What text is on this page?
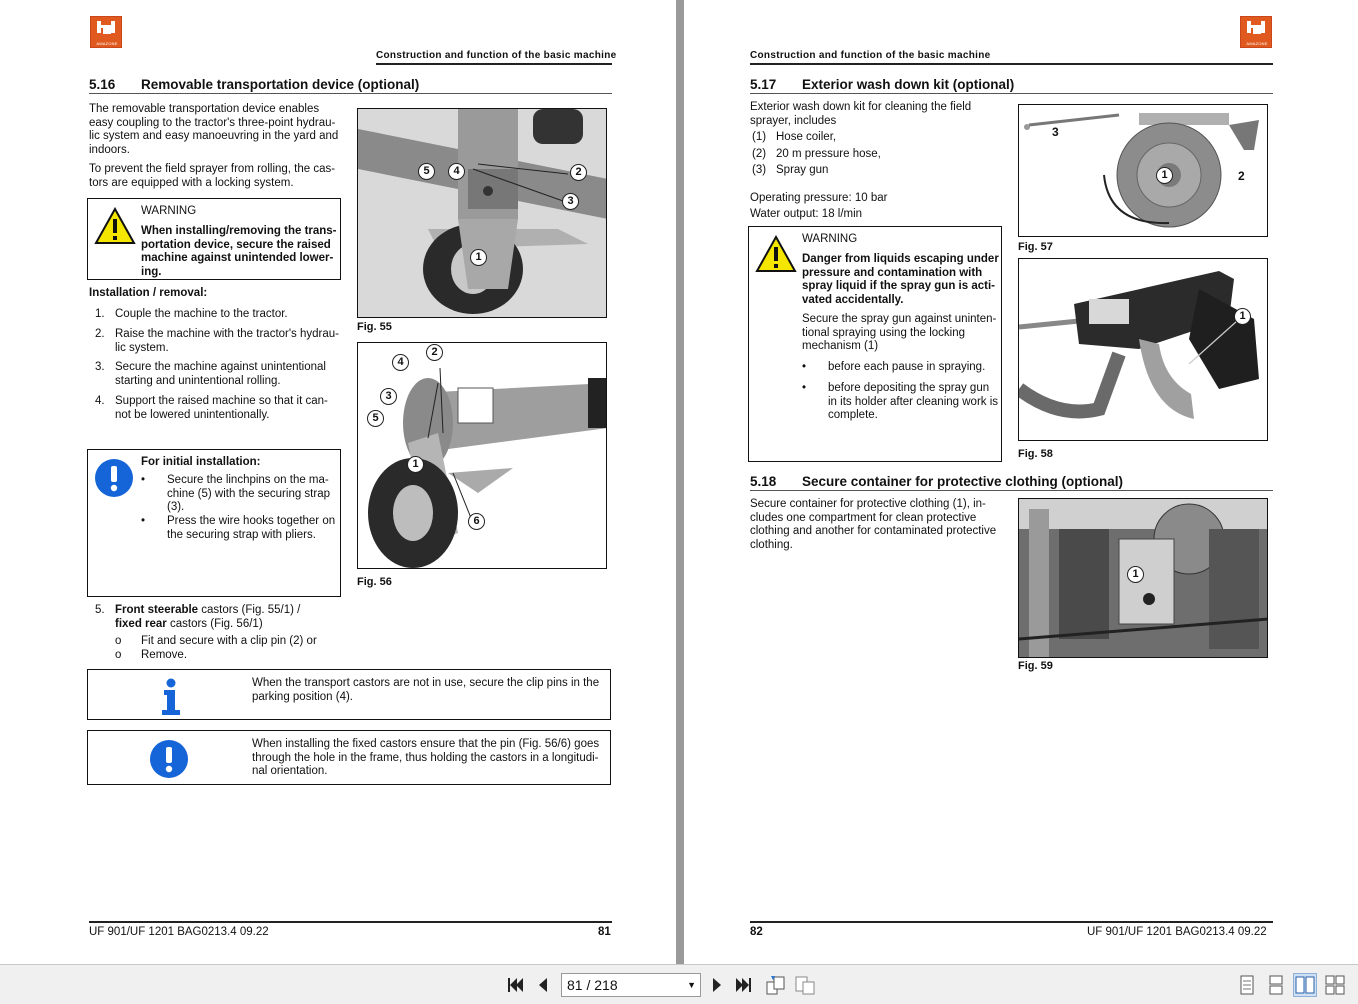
AMAZONE
Construction and function of the basic machine
5.16 Removable transportation device (optional)
The removable transportation device enables
easy coupling to the tractor's three-point hydrau-
lic system and easy manoeuvring in the yard and
indoors.
To prevent the field sprayer from rolling, the cas-
tors are equipped with a locking system.
WARNING
When installing/removing the trans-
portation device, secure the raised
machine against unintended lower-
ing.
Installation / removal:
1. Couple the machine to the tractor.
2. Raise the machine with the tractor's hydrau-
lic system.
3. Secure the machine against unintentional
starting and unintentional rolling.
4. Support the raised machine so that it can-
not be lowered unintentionally.
For initial installation:
• Secure the linchpins on the ma-
chine (5) with the securing strap
(3).
• Press the wire hooks together on
the securing strap with pliers.
5. Front steerable castors (Fig. 55/1) /
fixed rear castors (Fig. 56/1)
o Fit and secure with a clip pin (2) or
o Remove.
When the transport castors are not in use, secure the clip pins in the
parking position (4).
When installing the fixed castors ensure that the pin (Fig. 56/6) goes
through the hole in the frame, thus holding the castors in a longitudi-
nal orientation.
5	4	2
3
1
Fig. 55
4
2
3
5
1
6
Fig. 56
UF 901/UF 1201 BAG0213.4 09.22	81
AMAZONE
Construction and function of the basic machine
5.17 Exterior wash down kit (optional)
Exterior wash down kit for cleaning the field
sprayer, includes
(1) Hose coiler,
(2) 20 m pressure hose,
(3) Spray gun
Operating pressure: 10 bar
Water output: 18 l/min
WARNING
Danger from liquids escaping under
pressure and contamination with
spray liquid if the spray gun is acti-
vated accidentally.
Secure the spray gun against uninten-
tional spraying using the locking
mechanism (1)
• before each pause in spraying.
• before depositing the spray gun
in its holder after cleaning work is
complete.
3
1	2
Fig. 57
1
Fig. 58
5.18 Secure container for protective clothing (optional)
Secure container for protective clothing (1), in-
cludes one compartment for clean protective
clothing and another for contaminated protective
clothing.
1
Fig. 59
82	UF 901/UF 1201 BAG0213.4 09.22
81 / 218	▼
